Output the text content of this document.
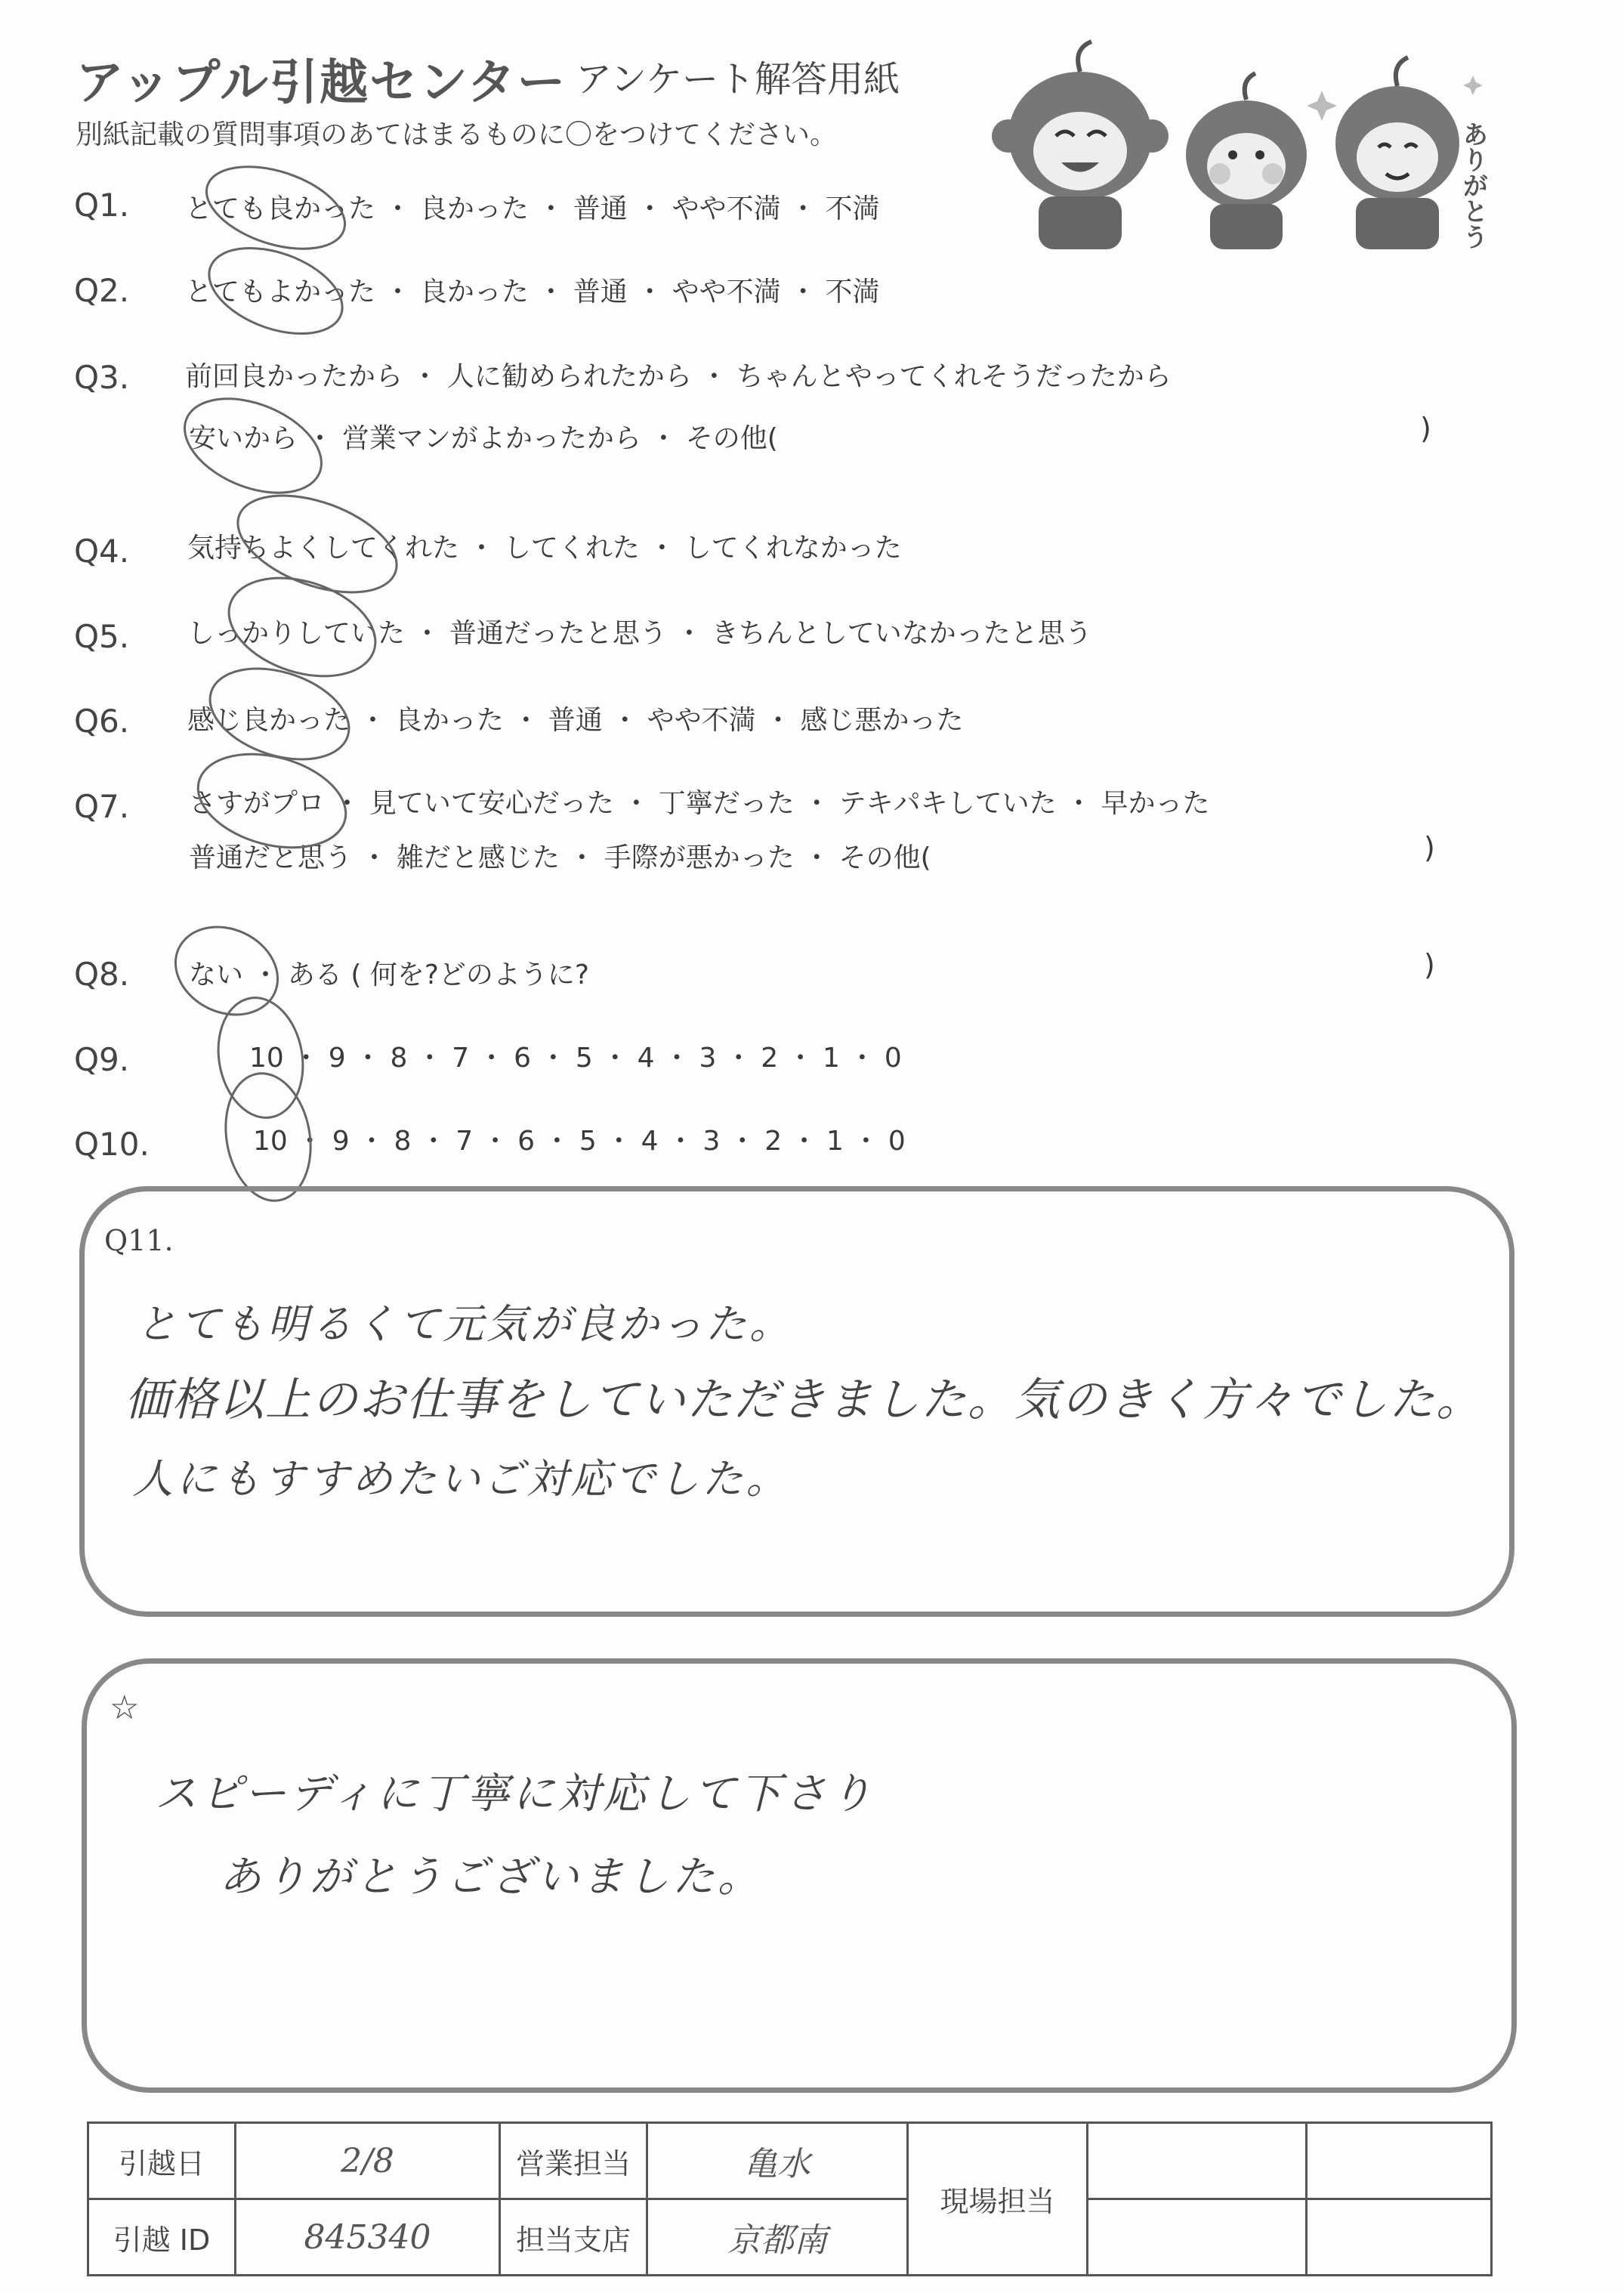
アップル引越センター アンケート解答用紙
別紙記載の質問事項のあてはまるものに〇をつけてください。	ありがとう
Q1. とても良かった ・ 良かった ・ 普通 ・ やや不満 ・ 不満
Q2. とてもよかった ・ 良かった ・ 普通 ・ やや不満 ・ 不満
Q3. 前回良かったから ・ 人に勧められたから ・ ちゃんとやってくれそうだったから
安いから ・ 営業マンがよかったから ・ その他(	)
Q4. 気持ちよくしてくれた ・ してくれた ・ してくれなかった
Q5. しっかりしていた ・ 普通だったと思う ・ きちんとしていなかったと思う
Q6. 感じ良かった ・ 良かった ・ 普通 ・ やや不満 ・ 感じ悪かった
Q7. さすがプロ ・ 見ていて安心だった ・ 丁寧だった ・ テキパキしていた ・ 早かった
普通だと思う ・ 雑だと感じた ・ 手際が悪かった ・ その他(	)
Q8. ない ・ ある ( 何を?どのように?	)
Q9.	10 ・ 9 ・ 8 ・ 7 ・ 6 ・ 5 ・ 4 ・ 3 ・ 2 ・ 1 ・ 0
Q10.	10 ・ 9 ・ 8 ・ 7 ・ 6 ・ 5 ・ 4 ・ 3 ・ 2 ・ 1 ・ 0
Q11.
とても明るくて元気が良かった。
価格以上のお仕事をしていただきました。気のきく方々でした。
人にもすすめたいご対応でした。
☆
スピーディに丁寧に対応して下さり
ありがとうございました。
引越日	2/8	営業担当	亀水	現場担当		
引越 ID	845340	担当支店	京都南			
